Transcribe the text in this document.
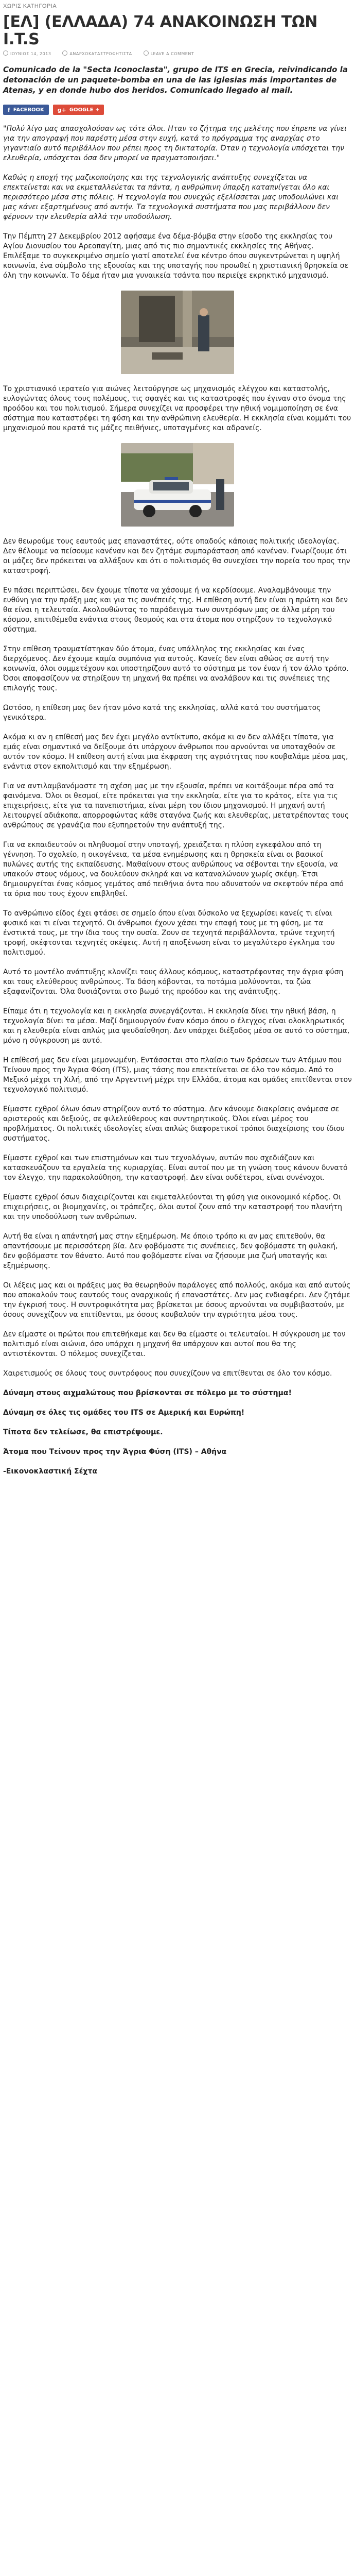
ΧΩΡΙΣ ΚΑΤΗΓΟΡΙΑ
[ΕΛ] (ΕΛΛΑΔΑ) 74 ΑΝΑΚΟΙΝΩΣΗ ΤΩΝ I.T.S
ΙΟΥΝΙΟΣ 14, 2013	ΑΝΑΡΧΟΚΑΤΑΣΤΡΟΦΗΤΙΣΤΑ	LEAVE A COMMENT

Comunicado de la "Secta Iconoclasta", grupo de ITS en Grecia, reivindicando la detonación de un paquete-bomba en una de las iglesias más importantes de Atenas, y en donde hubo dos heridos. Comunicado llegado al mail.

f FACEBOOK g+ GOOGLE +

"Πολύ λίγο μας απασχολούσαν ως τότε όλοι. Ηταν το ζήτημα της μελέτης που έπρεπε να γίνει για την απογραφή που παρέστη μέσα στην ευχή, κατά το πρόγραμμα της αναρχίας στο γιγαντιαίο αυτό περιβάλλον που ρέπει προς τη δικτατορία. Όταν η τεχνολογία υπόσχεται την ελευθερία, υπόσχεται όσα δεν μπορεί να πραγματοποιήσει."

Καθώς η εποχή της μαζικοποίησης και της τεχνολογικής ανάπτυξης συνεχίζεται να επεκτείνεται και να εκμεταλλεύεται τα πάντα, η ανθρώπινη ύπαρξη καταπνίγεται όλο και περισσότερο μέσα στις πόλεις. Η τεχνολογία που συνεχώς εξελίσσεται μας υποδουλώνει και μας κάνει εξαρτημένους από αυτήν. Τα τεχνολογικά συστήματα που μας περιβάλλουν δεν φέρνουν την ελευθερία αλλά την υποδούλωση.

Την Πέμπτη 27 Δεκεμβρίου 2012 αφήσαμε ένα δέμα-βόμβα στην είσοδο της εκκλησίας του Αγίου Διονυσίου του Αρεοπαγίτη, μιας από τις πιο σημαντικές εκκλησίες της Αθήνας. Επιλέξαμε το συγκεκριμένο σημείο γιατί αποτελεί ένα κέντρο όπου συγκεντρώνεται η υψηλή κοινωνία, ένα σύμβολο της εξουσίας και της υποταγής που προωθεί η χριστιανική θρησκεία σε όλη την κοινωνία. Το δέμα ήταν μια γυναικεία τσάντα που περιείχε εκρηκτικό μηχανισμό.

Το χριστιανικό ιερατείο για αιώνες λειτούργησε ως μηχανισμός ελέγχου και καταστολής, ευλογώντας όλους τους πολέμους, τις σφαγές και τις καταστροφές που έγιναν στο όνομα της προόδου και του πολιτισμού. Σήμερα συνεχίζει να προσφέρει την ηθική νομιμοποίηση σε ένα σύστημα που καταστρέφει τη φύση και την ανθρώπινη ελευθερία. Η εκκλησία είναι κομμάτι του μηχανισμού που κρατά τις μάζες πειθήνιες, υποταγμένες και αδρανείς.

Δεν θεωρούμε τους εαυτούς μας επαναστάτες, ούτε οπαδούς κάποιας πολιτικής ιδεολογίας. Δεν θέλουμε να πείσουμε κανέναν και δεν ζητάμε συμπαράσταση από κανέναν. Γνωρίζουμε ότι οι μάζες δεν πρόκειται να αλλάξουν και ότι ο πολιτισμός θα συνεχίσει την πορεία του προς την καταστροφή.

Εν πάσει περιπτώσει, δεν έχουμε τίποτα να χάσουμε ή να κερδίσουμε. Αναλαμβάνουμε την ευθύνη για την πράξη μας και για τις συνέπειές της. Η επίθεση αυτή δεν είναι η πρώτη και δεν θα είναι η τελευταία. Ακολουθώντας το παράδειγμα των συντρόφων μας σε άλλα μέρη του κόσμου, επιτιθέμεθα ενάντια στους θεσμούς και στα άτομα που στηρίζουν το τεχνολογικό σύστημα.

Στην επίθεση τραυματίστηκαν δύο άτομα, ένας υπάλληλος της εκκλησίας και ένας διερχόμενος. Δεν έχουμε καμία συμπόνια για αυτούς. Κανείς δεν είναι αθώος σε αυτή την κοινωνία, όλοι συμμετέχουν και υποστηρίζουν αυτό το σύστημα με τον έναν ή τον άλλο τρόπο. Όσοι αποφασίζουν να στηρίξουν τη μηχανή θα πρέπει να αναλάβουν και τις συνέπειες της επιλογής τους.

Ωστόσο, η επίθεση μας δεν ήταν μόνο κατά της εκκλησίας, αλλά κατά του συστήματος γενικότερα.

Ακόμα κι αν η επίθεσή μας δεν έχει μεγάλο αντίκτυπο, ακόμα κι αν δεν αλλάξει τίποτα, για εμάς είναι σημαντικό να δείξουμε ότι υπάρχουν άνθρωποι που αρνούνται να υποταχθούν σε αυτόν τον κόσμο. Η επίθεση αυτή είναι μια έκφραση της αγριότητας που κουβαλάμε μέσα μας, ενάντια στον εκπολιτισμό και την εξημέρωση.

Για να αντιλαμβανόμαστε τη σχέση μας με την εξουσία, πρέπει να κοιτάξουμε πέρα από τα φαινόμενα. Όλοι οι θεσμοί, είτε πρόκειται για την εκκλησία, είτε για το κράτος, είτε για τις επιχειρήσεις, είτε για τα πανεπιστήμια, είναι μέρη του ίδιου μηχανισμού. Η μηχανή αυτή λειτουργεί αδιάκοπα, απορροφώντας κάθε σταγόνα ζωής και ελευθερίας, μετατρέποντας τους ανθρώπους σε γρανάζια που εξυπηρετούν την ανάπτυξή της.

Για να εκπαιδευτούν οι πληθυσμοί στην υποταγή, χρειάζεται η πλύση εγκεφάλου από τη γέννηση. Το σχολείο, η οικογένεια, τα μέσα ενημέρωσης και η θρησκεία είναι οι βασικοί πυλώνες αυτής της εκπαίδευσης. Μαθαίνουν στους ανθρώπους να σέβονται την εξουσία, να υπακούν στους νόμους, να δουλεύουν σκληρά και να καταναλώνουν χωρίς σκέψη. Έτσι δημιουργείται ένας κόσμος γεμάτος από πειθήνια όντα που αδυνατούν να σκεφτούν πέρα από τα όρια που τους έχουν επιβληθεί.

Το ανθρώπινο είδος έχει φτάσει σε σημείο όπου είναι δύσκολο να ξεχωρίσει κανείς τι είναι φυσικό και τι είναι τεχνητό. Οι άνθρωποι έχουν χάσει την επαφή τους με τη φύση, με τα ένστικτά τους, με την ίδια τους την ουσία. Ζουν σε τεχνητά περιβάλλοντα, τρώνε τεχνητή τροφή, σκέφτονται τεχνητές σκέψεις. Αυτή η αποξένωση είναι το μεγαλύτερο έγκλημα του πολιτισμού.

Αυτό το μοντέλο ανάπτυξης κλονίζει τους άλλους κόσμους, καταστρέφοντας την άγρια φύση και τους ελεύθερους ανθρώπους. Τα δάση κόβονται, τα ποτάμια μολύνονται, τα ζώα εξαφανίζονται. Όλα θυσιάζονται στο βωμό της προόδου και της ανάπτυξης.

Είπαμε ότι η τεχνολογία και η εκκλησία συνεργάζονται. Η εκκλησία δίνει την ηθική βάση, η τεχνολογία δίνει τα μέσα. Μαζί δημιουργούν έναν κόσμο όπου ο έλεγχος είναι ολοκληρωτικός και η ελευθερία είναι απλώς μια ψευδαίσθηση. Δεν υπάρχει διέξοδος μέσα σε αυτό το σύστημα, μόνο η σύγκρουση με αυτό.

Η επίθεσή μας δεν είναι μεμονωμένη. Εντάσσεται στο πλαίσιο των δράσεων των Ατόμων που Τείνουν προς την Άγρια Φύση (ITS), μιας τάσης που επεκτείνεται σε όλο τον κόσμο. Από το Μεξικό μέχρι τη Χιλή, από την Αργεντινή μέχρι την Ελλάδα, άτομα και ομάδες επιτίθενται στον τεχνολογικό πολιτισμό.

Είμαστε εχθροί όλων όσων στηρίζουν αυτό το σύστημα. Δεν κάνουμε διακρίσεις ανάμεσα σε αριστερούς και δεξιούς, σε φιλελεύθερους και συντηρητικούς. Όλοι είναι μέρος του προβλήματος. Οι πολιτικές ιδεολογίες είναι απλώς διαφορετικοί τρόποι διαχείρισης του ίδιου συστήματος.

Είμαστε εχθροί και των επιστημόνων και των τεχνολόγων, αυτών που σχεδιάζουν και κατασκευάζουν τα εργαλεία της κυριαρχίας. Είναι αυτοί που με τη γνώση τους κάνουν δυνατό τον έλεγχο, την παρακολούθηση, την καταστροφή. Δεν είναι ουδέτεροι, είναι συνένοχοι.

Είμαστε εχθροί όσων διαχειρίζονται και εκμεταλλεύονται τη φύση για οικονομικό κέρδος. Οι επιχειρήσεις, οι βιομηχανίες, οι τράπεζες, όλοι αυτοί ζουν από την καταστροφή του πλανήτη και την υποδούλωση των ανθρώπων.

Αυτή θα είναι η απάντησή μας στην εξημέρωση. Με όποιο τρόπο κι αν μας επιτεθούν, θα απαντήσουμε με περισσότερη βία. Δεν φοβόμαστε τις συνέπειες, δεν φοβόμαστε τη φυλακή, δεν φοβόμαστε τον θάνατο. Αυτό που φοβόμαστε είναι να ζήσουμε μια ζωή υποταγής και εξημέρωσης.

Οι λέξεις μας και οι πράξεις μας θα θεωρηθούν παράλογες από πολλούς, ακόμα και από αυτούς που αποκαλούν τους εαυτούς τους αναρχικούς ή επαναστάτες. Δεν μας ενδιαφέρει. Δεν ζητάμε την έγκρισή τους. Η συντροφικότητα μας βρίσκεται με όσους αρνούνται να συμβιβαστούν, με όσους συνεχίζουν να επιτίθενται, με όσους κουβαλούν την αγριότητα μέσα τους.

Δεν είμαστε οι πρώτοι που επιτεθήκαμε και δεν θα είμαστε οι τελευταίοι. Η σύγκρουση με τον πολιτισμό είναι αιώνια, όσο υπάρχει η μηχανή θα υπάρχουν και αυτοί που θα της αντιστέκονται. Ο πόλεμος συνεχίζεται.

Χαιρετισμούς σε όλους τους συντρόφους που συνεχίζουν να επιτίθενται σε όλο τον κόσμο.

Δύναμη στους αιχμαλώτους που βρίσκονται σε πόλεμο με το σύστημα!

Δύναμη σε όλες τις ομάδες του ITS σε Αμερική και Ευρώπη!

Τίποτα δεν τελείωσε, θα επιστρέψουμε.

Άτομα που Τείνουν προς την Άγρια Φύση (ITS) – Αθήνα

-Εικονοκλαστική Σέχτα
